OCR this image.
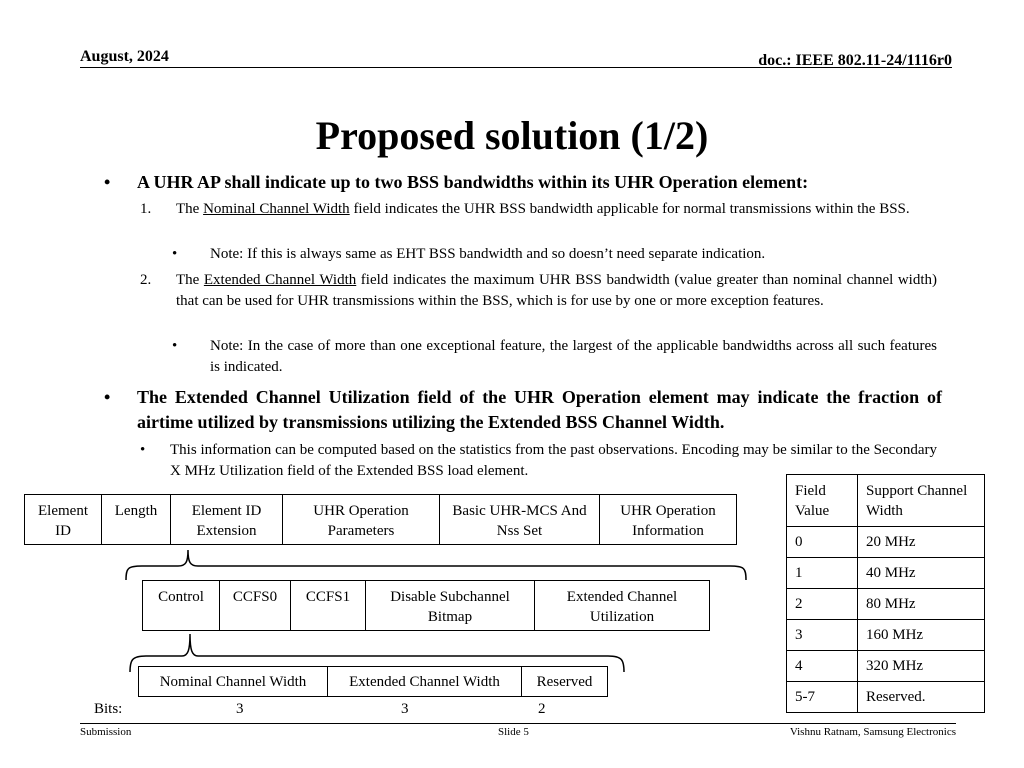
August, 2024	doc.: IEEE 802.11-24/1116r0
Proposed solution (1/2)
• A UHR AP shall indicate up to two BSS bandwidths within its UHR Operation element:
1. The Nominal Channel Width field indicates the UHR BSS bandwidth applicable for normal transmissions within the BSS.
• Note: If this is always same as EHT BSS bandwidth and so doesn’t need separate indication.
2. The Extended Channel Width field indicates the maximum UHR BSS bandwidth (value greater than nominal channel width) that can be used for UHR transmissions within the BSS, which is for use by one or more exception features.
• Note: In the case of more than one exceptional feature, the largest of the applicable bandwidths across all such features is indicated.
• The Extended Channel Utilization field of the UHR Operation element may indicate the fraction of airtime utilized by transmissions utilizing the Extended BSS Channel Width.
• This information can be computed based on the statistics from the past observations. Encoding may be similar to the Secondary X MHz Utilization field of the Extended BSS load element.
Element ID	Length	Element ID Extension	UHR Operation Parameters	Basic UHR-MCS And Nss Set	UHR Operation Information
Control	CCFS0	CCFS1	Disable Subchannel Bitmap	Extended Channel Utilization
Nominal Channel Width	Extended Channel Width	Reserved
Bits:	3	3	2
Field Value	Support Channel Width
0	20 MHz
1	40 MHz
2	80 MHz
3	160 MHz
4	320 MHz
5-7	Reserved.
Submission	Slide 5	Vishnu Ratnam, Samsung Electronics
